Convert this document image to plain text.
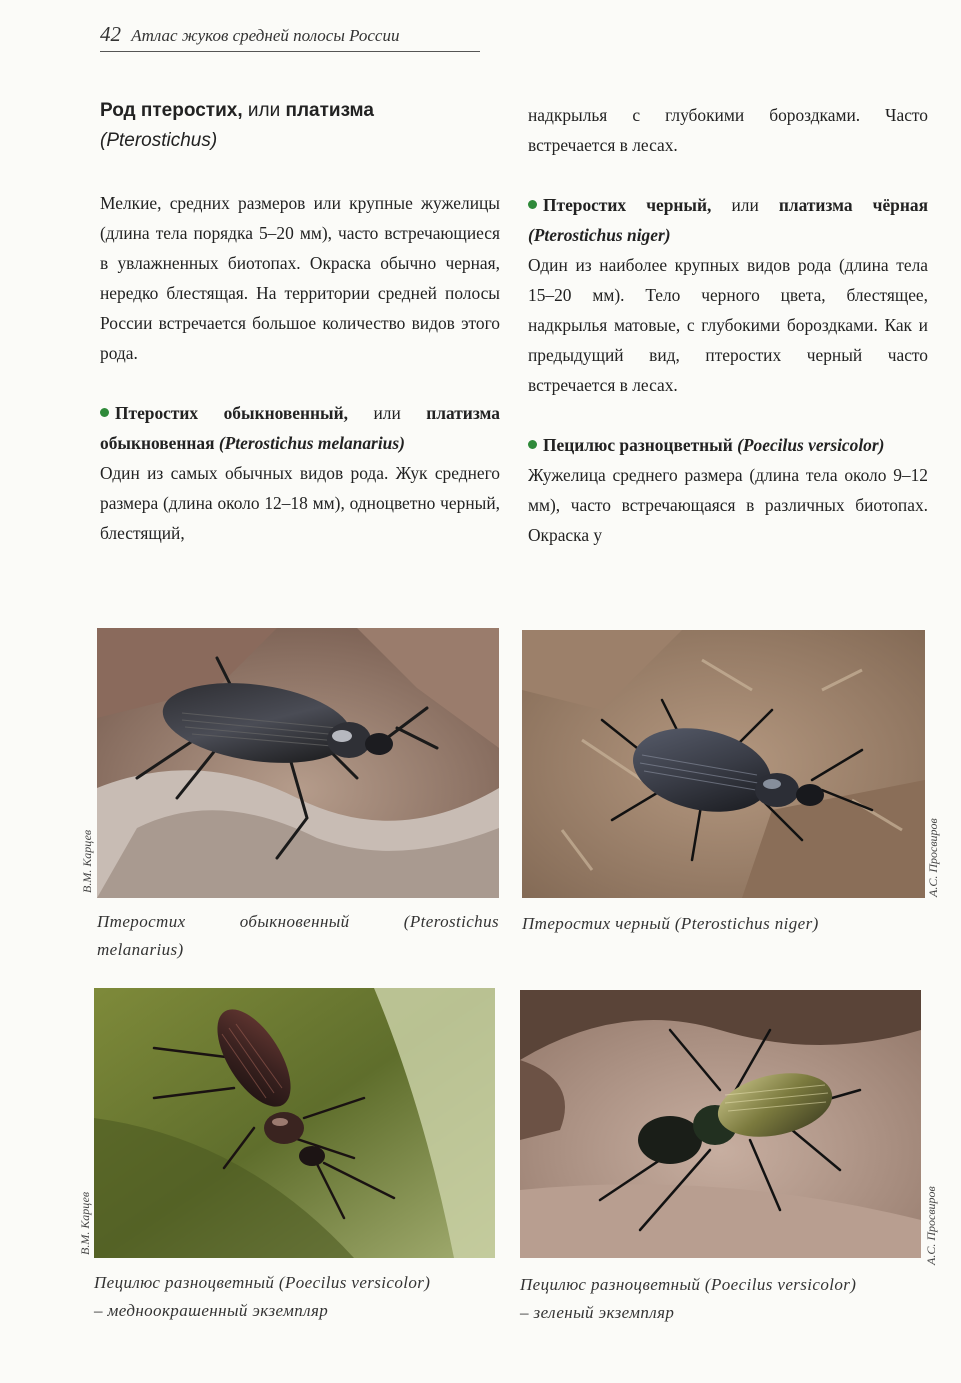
42 Атлас жуков средней полосы России
Род птеростих, или платизма
(Pterostichus)
Мелкие, средних размеров или крупные жужелицы (длина тела порядка 5–20 мм), часто встречающиеся в увлажненных биотопах. Окраска обычно черная, нередко блестящая. На территории средней полосы России встречается большое количество видов этого рода.
Птеростих обыкновенный, или платизма обыкновенная (Pterostichus melanarius)
Один из самых обычных видов рода. Жук среднего размера (длина около 12–18 мм), одноцветно черный, блестящий,
надкрылья с глубокими бороздками. Часто встречается в лесах.
Птеростих черный, или платизма чёрная (Pterostichus niger)
Один из наиболее крупных видов рода (длина тела 15–20 мм). Тело черного цвета, блестящее, надкрылья матовые, с глубокими бороздками. Как и предыдущий вид, птеростих черный часто встречается в лесах.
Пецилюс разноцветный (Poecilus versicolor)
Жужелица среднего размера (длина тела около 9–12 мм), часто встречающаяся в различных биотопах. Окраска у
В.М. Карцев
Птеростих обыкновенный (Pterostichus
melanarius)
А.С. Просвиров
Птеростих черный (Pterostichus niger)
В.М. Карцев
Пецилюс разноцветный (Poecilus versicolor)
– медноокрашенный экземпляр
А.С. Просвиров
Пецилюс разноцветный (Poecilus versicolor)
– зеленый экземпляр
